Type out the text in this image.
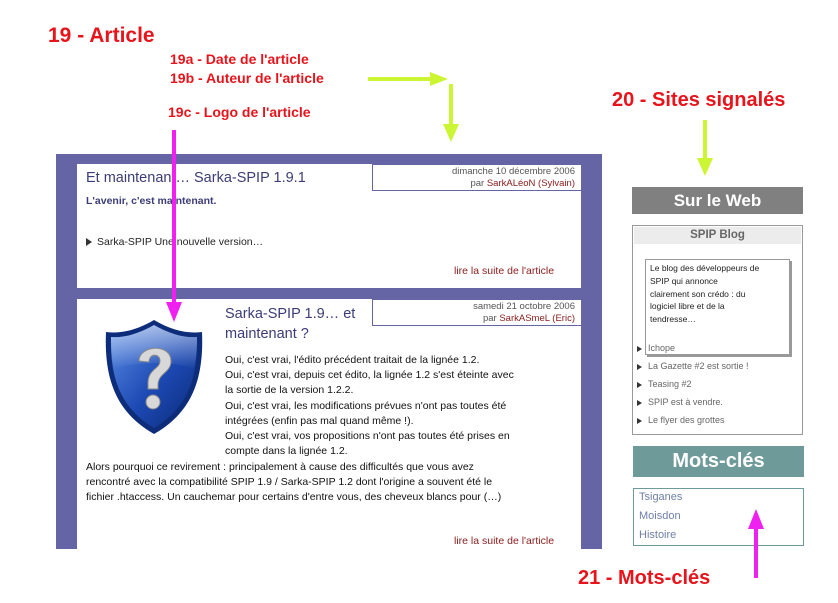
19 - Article
19a - Date de l'article
19b - Auteur de l'article
19c - Logo de l'article
20 - Sites signalés
21 - Mots-clés
Et maintenant… Sarka-SPIP 1.9.1	dimanche 10 décembre 2006
par SarkALéoN (Sylvain)
L'avenir, c'est maintenant.
Sarka-SPIP Une nouvelle version…
lire la suite de l'article
Sarka-SPIP 1.9… et
maintenant ?
samedi 21 octobre 2006
par SarkASmeL (Eric)

Oui, c'est vrai, l'édito précédent traitait de la lignée 1.2.

Oui, c'est vrai, depuis cet édito, la lignée 1.2 s'est éteinte avec

la sortie de la version 1.2.2.

Oui, c'est vrai, les modifications prévues n'ont pas toutes été

intégrées (enfin pas mal quand même !).

Oui, c'est vrai, vos propositions n'ont pas toutes été prises en

compte dans la lignée 1.2.

Alors pourquoi ce revirement : principalement à cause des difficultés que vous avez

rencontré avec la compatibilité SPIP 1.9 / Sarka-SPIP 1.2 dont l'origine a souvent été le

fichier .htaccess. Un cauchemar pour certains d'entre vous, des cheveux blancs pour (…)

lire la suite de l'article
Sur le Web
SPIP Blog
Le blog des développeurs de
SPIP qui annonce
clairement son crédo : du
logiciel libre et de la
tendresse…
Ichope
La Gazette #2 est sortie !
Teasing #2
SPIP est à vendre.
Le flyer des grottes
Mots-clés
Tsiganes
Moisdon
Histoire
